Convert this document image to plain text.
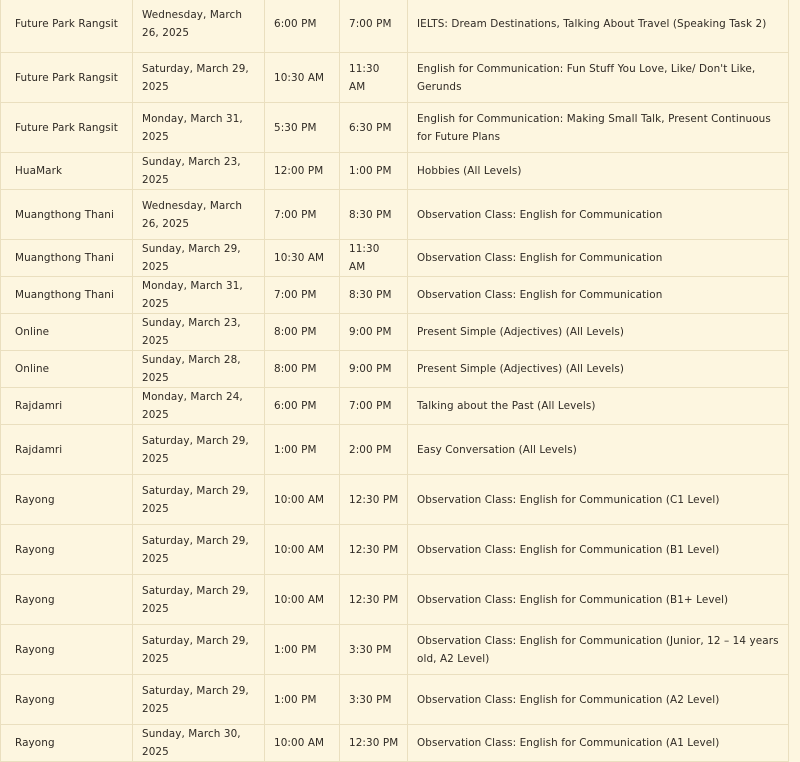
Future Park Rangsit	Wednesday, March 26, 2025	6:00 PM	7:00 PM	IELTS: Dream Destinations, Talking About Travel (Speaking Task 2)
Future Park Rangsit	Saturday, March 29, 2025	10:30 AM	11:30 AM	English for Communication: Fun Stuff You Love, Like/ Don't Like, Gerunds
Future Park Rangsit	Monday, March 31, 2025	5:30 PM	6:30 PM	English for Communication: Making Small Talk, Present Continuous for Future Plans
HuaMark	Sunday, March 23, 2025	12:00 PM	1:00 PM	Hobbies (All Levels)
Muangthong Thani	Wednesday, March 26, 2025	7:00 PM	8:30 PM	Observation Class: English for Communication
Muangthong Thani	Sunday, March 29, 2025	10:30 AM	11:30 AM	Observation Class: English for Communication
Muangthong Thani	Monday, March 31, 2025	7:00 PM	8:30 PM	Observation Class: English for Communication
Online	Sunday, March 23, 2025	8:00 PM	9:00 PM	Present Simple (Adjectives) (All Levels)
Online	Sunday, March 28, 2025	8:00 PM	9:00 PM	Present Simple (Adjectives) (All Levels)
Rajdamri	Monday, March 24, 2025	6:00 PM	7:00 PM	Talking about the Past (All Levels)
Rajdamri	Saturday, March 29, 2025	1:00 PM	2:00 PM	Easy Conversation (All Levels)
Rayong	Saturday, March 29, 2025	10:00 AM	12:30 PM	Observation Class: English for Communication (C1 Level)
Rayong	Saturday, March 29, 2025	10:00 AM	12:30 PM	Observation Class: English for Communication (B1 Level)
Rayong	Saturday, March 29, 2025	10:00 AM	12:30 PM	Observation Class: English for Communication (B1+ Level)
Rayong	Saturday, March 29, 2025	1:00 PM	3:30 PM	Observation Class: English for Communication (Junior, 12 – 14 years old, A2 Level)
Rayong	Saturday, March 29, 2025	1:00 PM	3:30 PM	Observation Class: English for Communication (A2 Level)
Rayong	Sunday, March 30, 2025	10:00 AM	12:30 PM	Observation Class: English for Communication (A1 Level)
